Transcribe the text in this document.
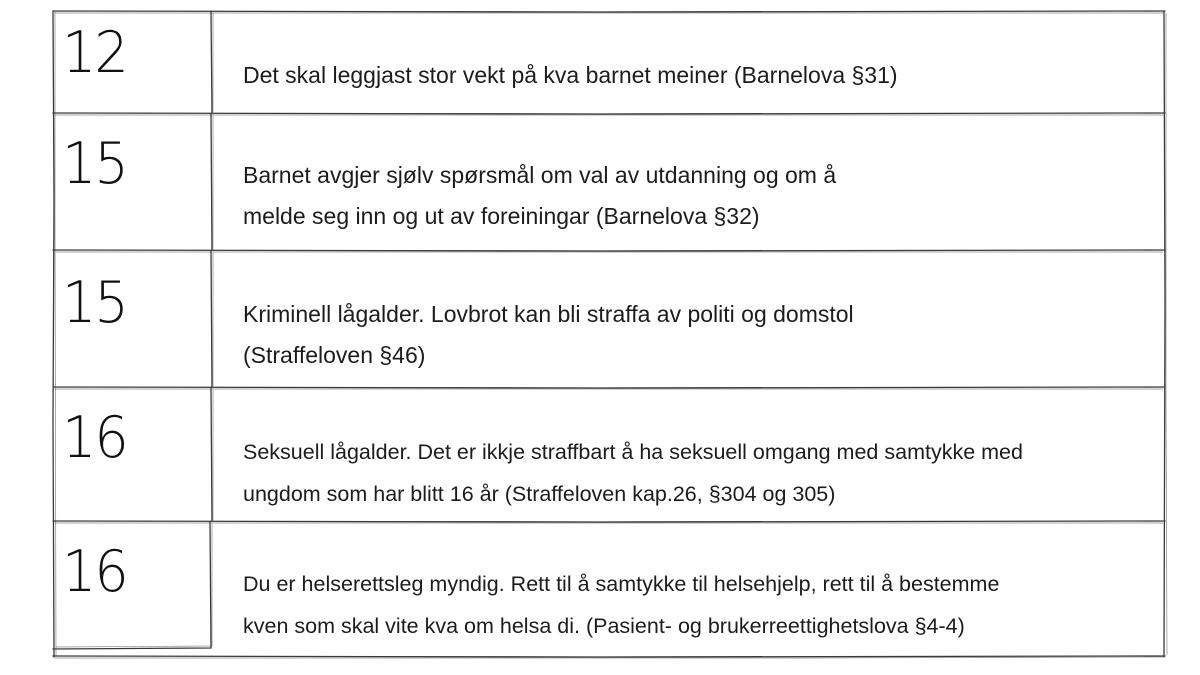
12	Det skal leggjast stor vekt på kva barnet meiner (Barnelova §31)
15	Barnet avgjer sjølv spørsmål om val av utdanning og om å
melde seg inn og ut av foreiningar (Barnelova §32)
15	Kriminell lågalder. Lovbrot kan bli straffa av politi og domstol
(Straffeloven §46)
16	Seksuell lågalder. Det er ikkje straffbart å ha seksuell omgang med samtykke med
ungdom som har blitt 16 år (Straffeloven kap.26, §304 og 305)
16	Du er helserettsleg myndig. Rett til å samtykke til helsehjelp, rett til å bestemme
kven som skal vite kva om helsa di. (Pasient- og brukerreettighetslova §4-4)
